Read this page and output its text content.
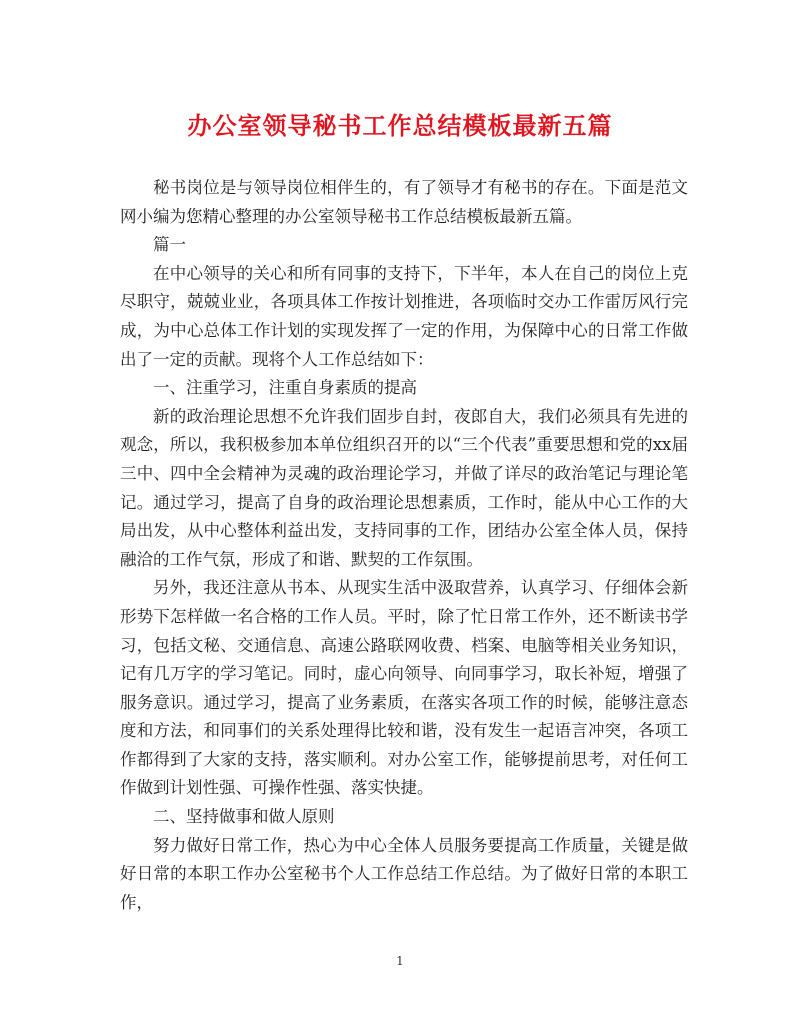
办公室领导秘书工作总结模板最新五篇

秘书岗位是与领导岗位相伴生的，有了领导才有秘书的存在。下面是范文网小编为您精心整理的办公室领导秘书工作总结模板最新五篇。

篇一

在中心领导的关心和所有同事的支持下，下半年，本人在自己的岗位上克尽职守，兢兢业业，各项具体工作按计划推进，各项临时交办工作雷厉风行完成，为中心总体工作计划的实现发挥了一定的作用，为保障中心的日常工作做出了一定的贡献。现将个人工作总结如下：

一、注重学习，注重自身素质的提高

新的政治理论思想不允许我们固步自封，夜郎自大，我们必须具有先进的观念，所以，我积极参加本单位组织召开的以“三个代表”重要思想和党的xx届三中、四中全会精神为灵魂的政治理论学习，并做了详尽的政治笔记与理论笔记。通过学习，提高了自身的政治理论思想素质，工作时，能从中心工作的大局出发，从中心整体利益出发，支持同事的工作，团结办公室全体人员，保持融洽的工作气氛，形成了和谐、默契的工作氛围。

另外，我还注意从书本、从现实生活中汲取营养，认真学习、仔细体会新形势下怎样做一名合格的工作人员。平时，除了忙日常工作外，还不断读书学习，包括文秘、交通信息、高速公路联网收费、档案、电脑等相关业务知识，记有几万字的学习笔记。同时，虚心向领导、向同事学习，取长补短，增强了服务意识。通过学习，提高了业务素质，在落实各项工作的时候，能够注意态度和方法，和同事们的关系处理得比较和谐，没有发生一起语言冲突，各项工作都得到了大家的支持，落实顺利。对办公室工作，能够提前思考，对任何工作做到计划性强、可操作性强、落实快捷。

二、坚持做事和做人原则

努力做好日常工作，热心为中心全体人员服务要提高工作质量，关键是做好日常的本职工作办公室秘书个人工作总结工作总结。为了做好日常的本职工作，

1
